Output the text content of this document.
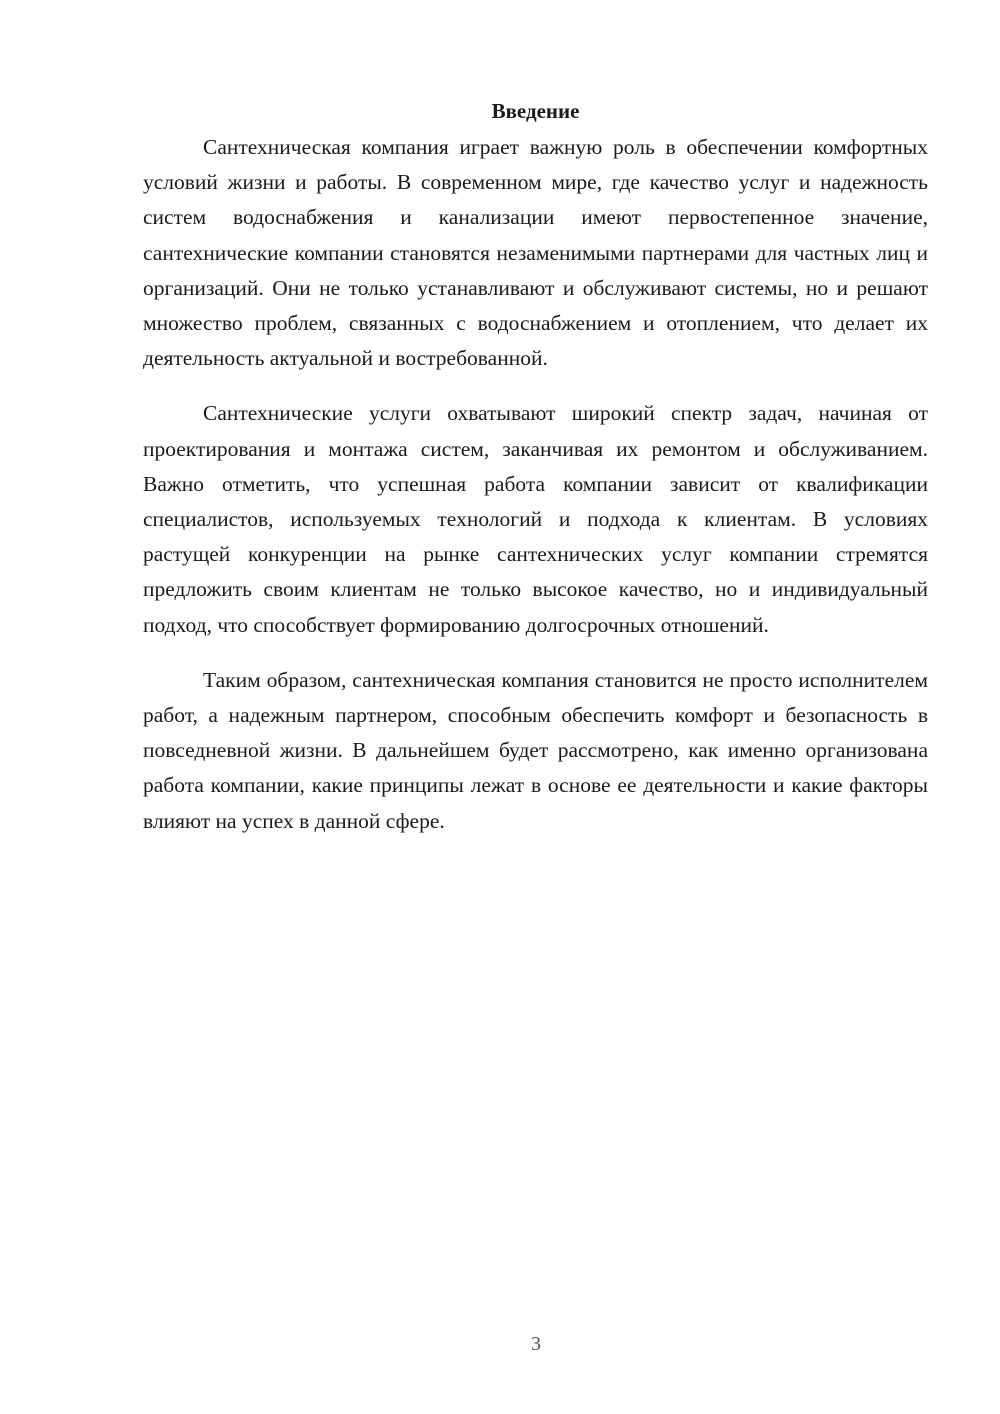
Введение

Сантехническая компания играет важную роль в обеспечении комфортных условий жизни и работы. В современном мире, где качество услуг и надежность систем водоснабжения и канализации имеют первостепенное значение, сантехнические компании становятся незаменимыми партнерами для частных лиц и организаций. Они не только устанавливают и обслуживают системы, но и решают множество проблем, связанных с водоснабжением и отоплением, что делает их деятельность актуальной и востребованной.

Сантехнические услуги охватывают широкий спектр задач, начиная от проектирования и монтажа систем, заканчивая их ремонтом и обслуживанием. Важно отметить, что успешная работа компании зависит от квалификации специалистов, используемых технологий и подхода к клиентам. В условиях растущей конкуренции на рынке сантехнических услуг компании стремятся предложить своим клиентам не только высокое качество, но и индивидуальный подход, что способствует формированию долгосрочных отношений.

Таким образом, сантехническая компания становится не просто исполнителем работ, а надежным партнером, способным обеспечить комфорт и безопасность в повседневной жизни. В дальнейшем будет рассмотрено, как именно организована работа компании, какие принципы лежат в основе ее деятельности и какие факторы влияют на успех в данной сфере.

3
